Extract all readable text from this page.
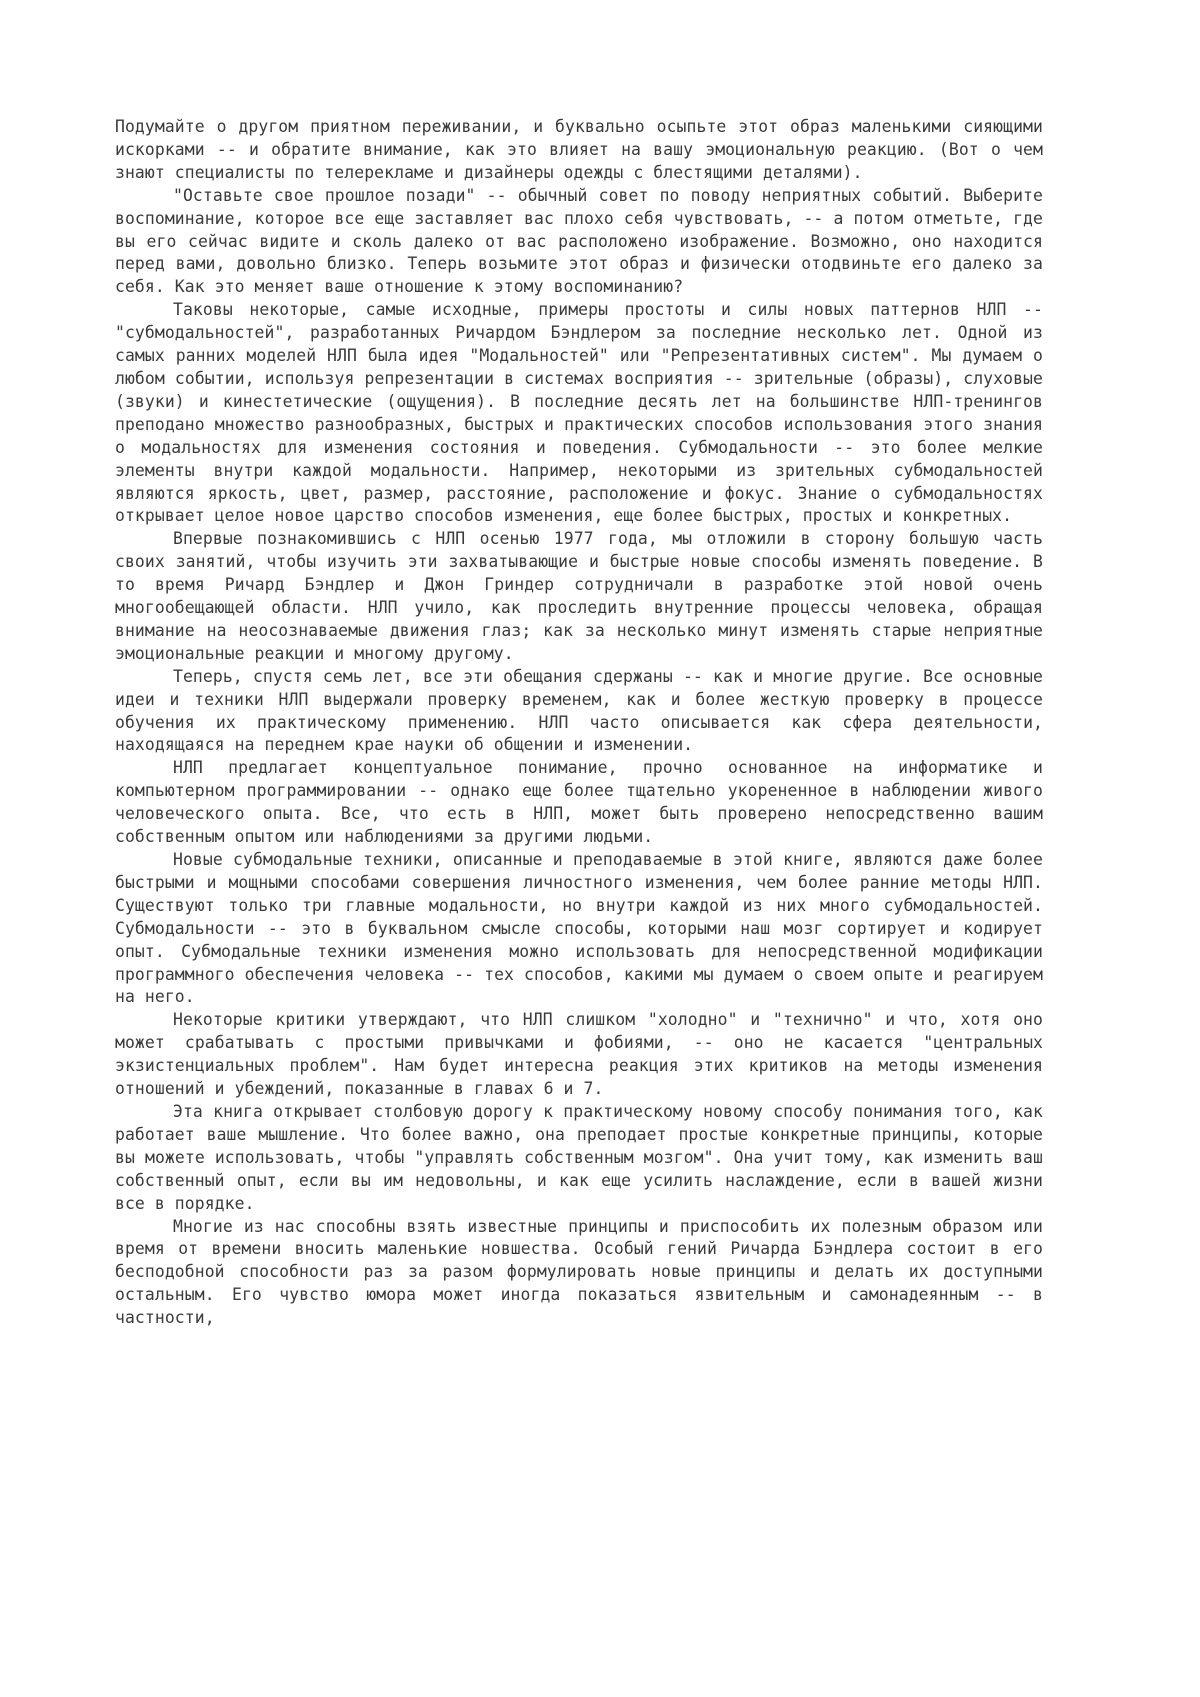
Подумайте о другом приятном переживании, и буквально осыпьте этот образ маленькими сияющими искорками -- и обратите внимание, как это влияет на вашу эмоциональную реакцию. (Вот о чем знают специалисты по телерекламе и дизайнеры одежды с блестящими деталями).

"Оставьте свое прошлое позади" -- обычный совет по поводу неприятных событий. Выберите воспоминание, которое все еще заставляет вас плохо себя чувствовать, -- а потом отметьте, где вы его сейчас видите и сколь далеко от вас расположено изображение. Возможно, оно находится перед вами, довольно близко. Теперь возьмите этот образ и физически отодвиньте его далеко за себя. Как это меняет ваше отношение к этому воспоминанию?

Таковы некоторые, самые исходные, примеры простоты и силы новых паттернов НЛП -- "субмодальностей", разработанных Ричардом Бэндлером за последние несколько лет. Одной из самых ранних моделей НЛП была идея "Модальностей" или "Репрезентативных систем". Мы думаем о любом событии, используя репрезентации в системах восприятия -- зрительные (образы), слуховые (звуки) и кинестетические (ощущения). В последние десять лет на большинстве НЛП-тренингов преподано множество разнообразных, быстрых и практических способов использования этого знания о модальностях для изменения состояния и поведения. Субмодальности -- это более мелкие элементы внутри каждой модальности. Например, некоторыми из зрительных субмодальностей являются яркость, цвет, размер, расстояние, расположение и фокус. Знание о субмодальностях открывает целое новое царство способов изменения, еще более быстрых, простых и конкретных.

Впервые познакомившись с НЛП осенью 1977 года, мы отложили в сторону большую часть своих занятий, чтобы изучить эти захватывающие и быстрые новые способы изменять поведение. В то время Ричард Бэндлер и Джон Гриндер сотрудничали в разработке этой новой очень многообещающей области. НЛП учило, как проследить внутренние процессы человека, обращая внимание на неосознаваемые движения глаз; как за несколько минут изменять старые неприятные эмоциональные реакции и многому другому.

Теперь, спустя семь лет, все эти обещания сдержаны -- как и многие другие. Все основные идеи и техники НЛП выдержали проверку временем, как и более жесткую проверку в процессе обучения их практическому применению. НЛП часто описывается как сфера деятельности, находящаяся на переднем крае науки об общении и изменении.

НЛП предлагает концептуальное понимание, прочно основанное на информатике и компьютерном программировании -- однако еще более тщательно укорененное в наблюдении живого человеческого опыта. Все, что есть в НЛП, может быть проверено непосредственно вашим собственным опытом или наблюдениями за другими людьми.

Новые субмодальные техники, описанные и преподаваемые в этой книге, являются даже более быстрыми и мощными способами совершения личностного изменения, чем более ранние методы НЛП. Существуют только три главные модальности, но внутри каждой из них много субмодальностей. Субмодальности -- это в буквальном смысле способы, которыми наш мозг сортирует и кодирует опыт. Субмодальные техники изменения можно использовать для непосредственной модификации программного обеспечения человека -- тех способов, какими мы думаем о своем опыте и реагируем на него.

Некоторые критики утверждают, что НЛП слишком "холодно" и "технично" и что, хотя оно может срабатывать с простыми привычками и фобиями, -- оно не касается "центральных экзистенциальных проблем". Нам будет интересна реакция этих критиков на методы изменения отношений и убеждений, показанные в главах 6 и 7.

Эта книга открывает столбовую дорогу к практическому новому способу понимания того, как работает ваше мышление. Что более важно, она преподает простые конкретные принципы, которые вы можете использовать, чтобы "управлять собственным мозгом". Она учит тому, как изменить ваш собственный опыт, если вы им недовольны, и как еще усилить наслаждение, если в вашей жизни все в порядке.

Многие из нас способны взять известные принципы и приспособить их полезным образом или время от времени вносить маленькие новшества. Особый гений Ричарда Бэндлера состоит в его бесподобной способности раз за разом формулировать новые принципы и делать их доступными остальным. Его чувство юмора может иногда показаться язвительным и самонадеянным -- в частности,
